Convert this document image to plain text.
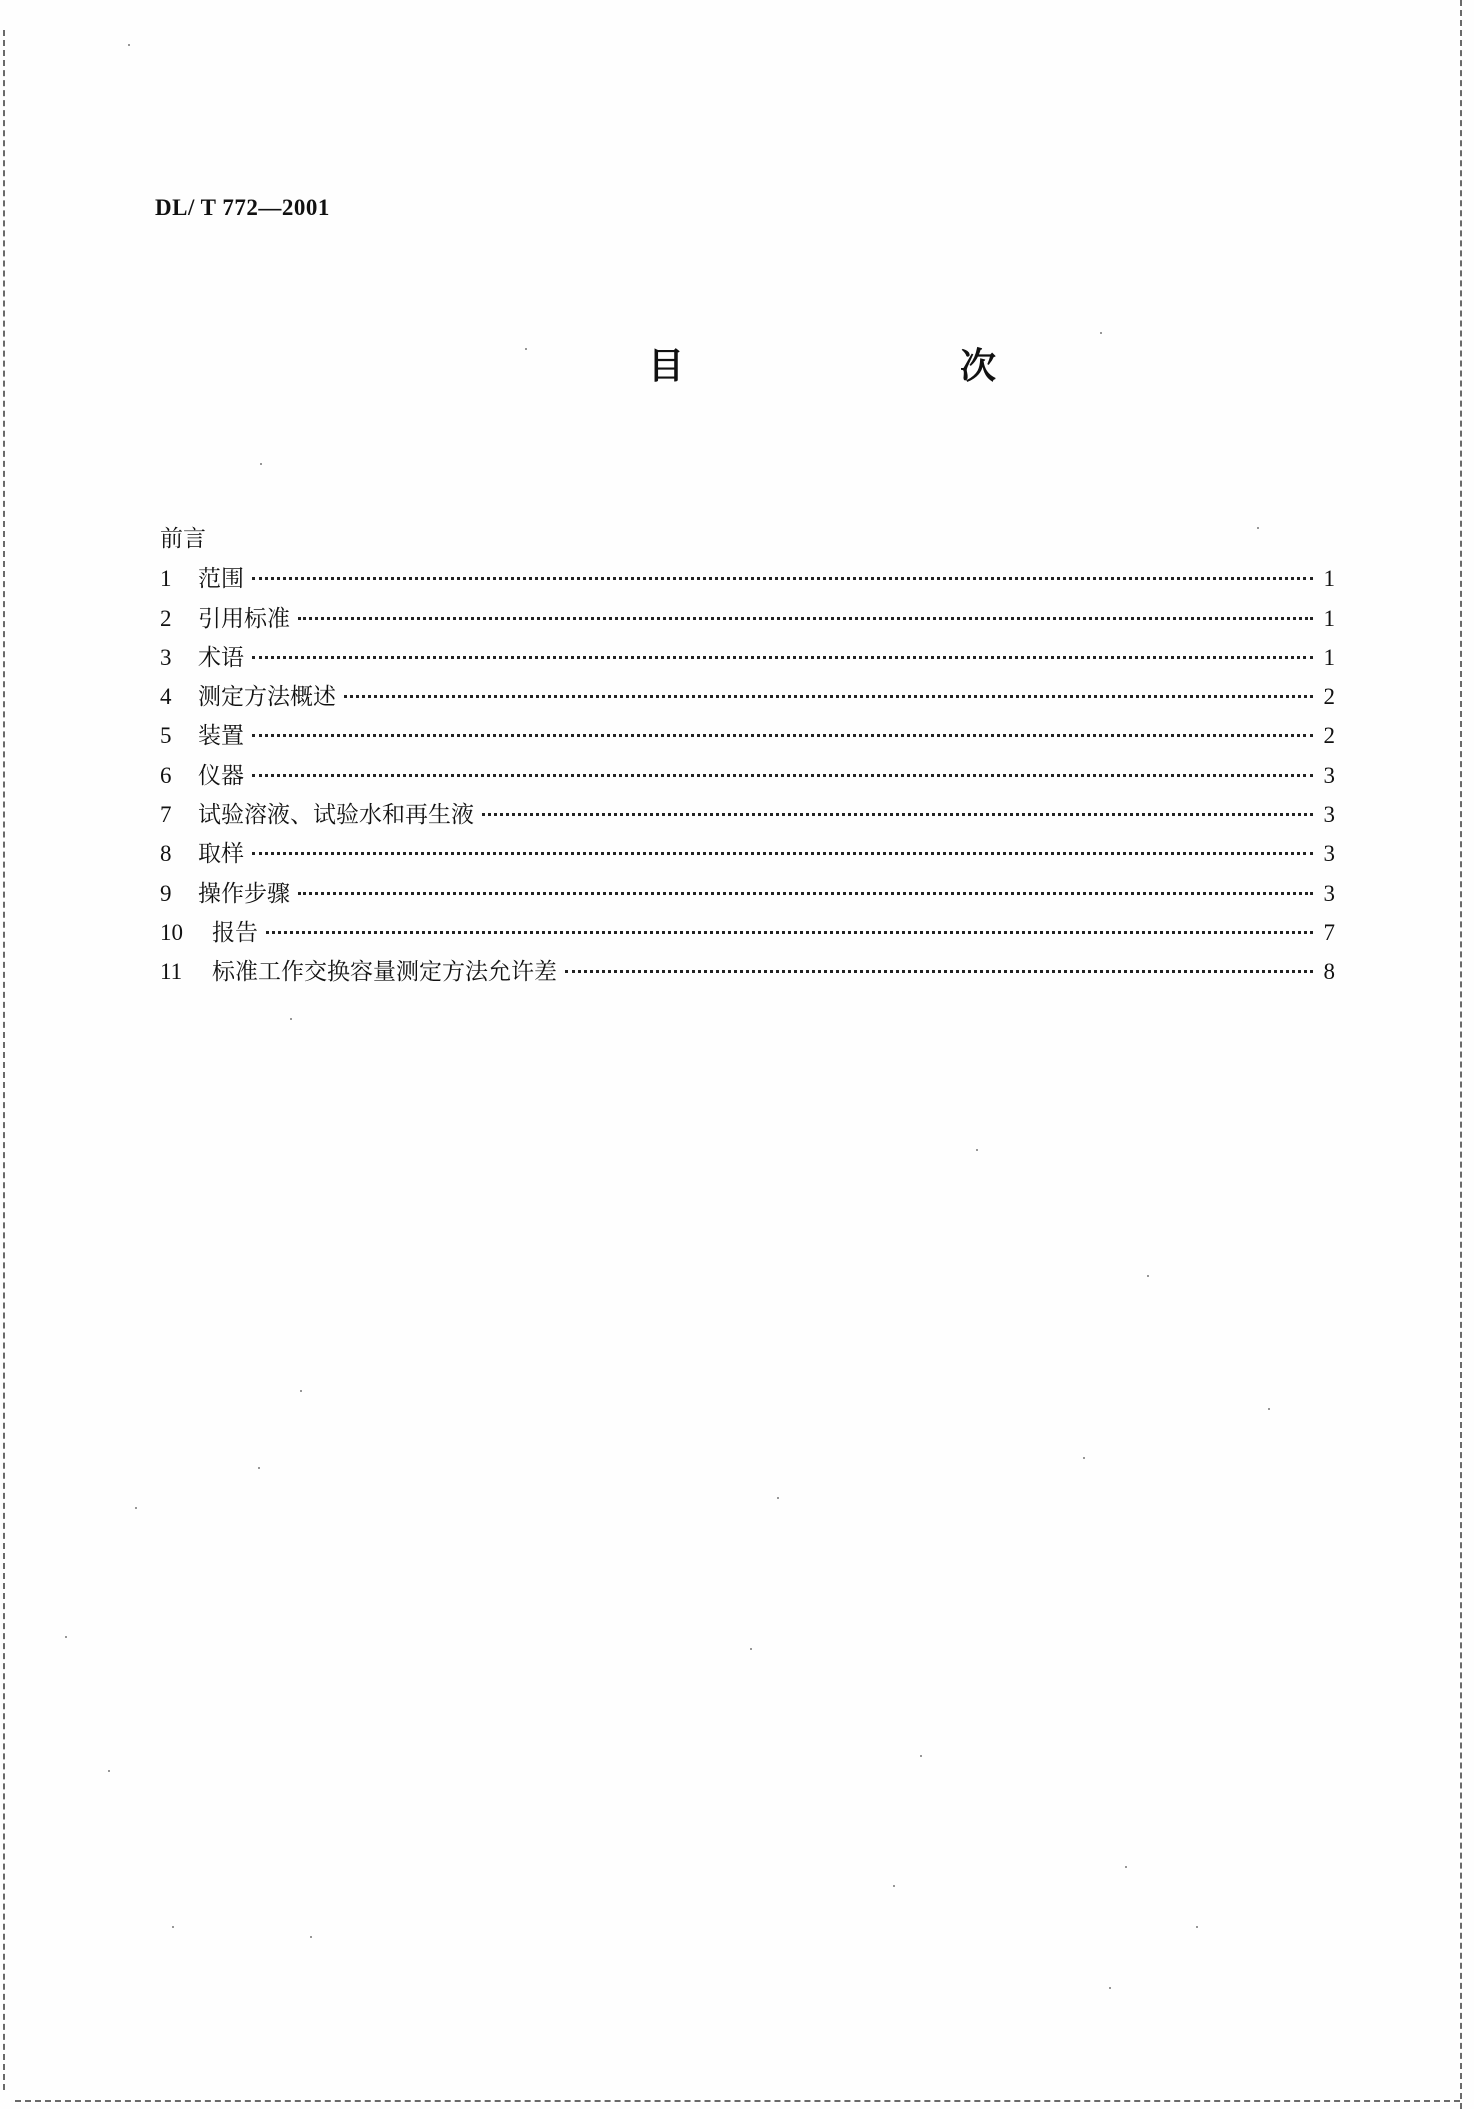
DL/ T 772—2001
目　次
前言
1	范围	1
2	引用标准	1
3	术语	1
4	测定方法概述	2
5	装置	2
6	仪器	3
7	试验溶液、试验水和再生液	3
8	取样	3
9	操作步骤	3
10	报告	7
11	标准工作交换容量测定方法允许差	8
